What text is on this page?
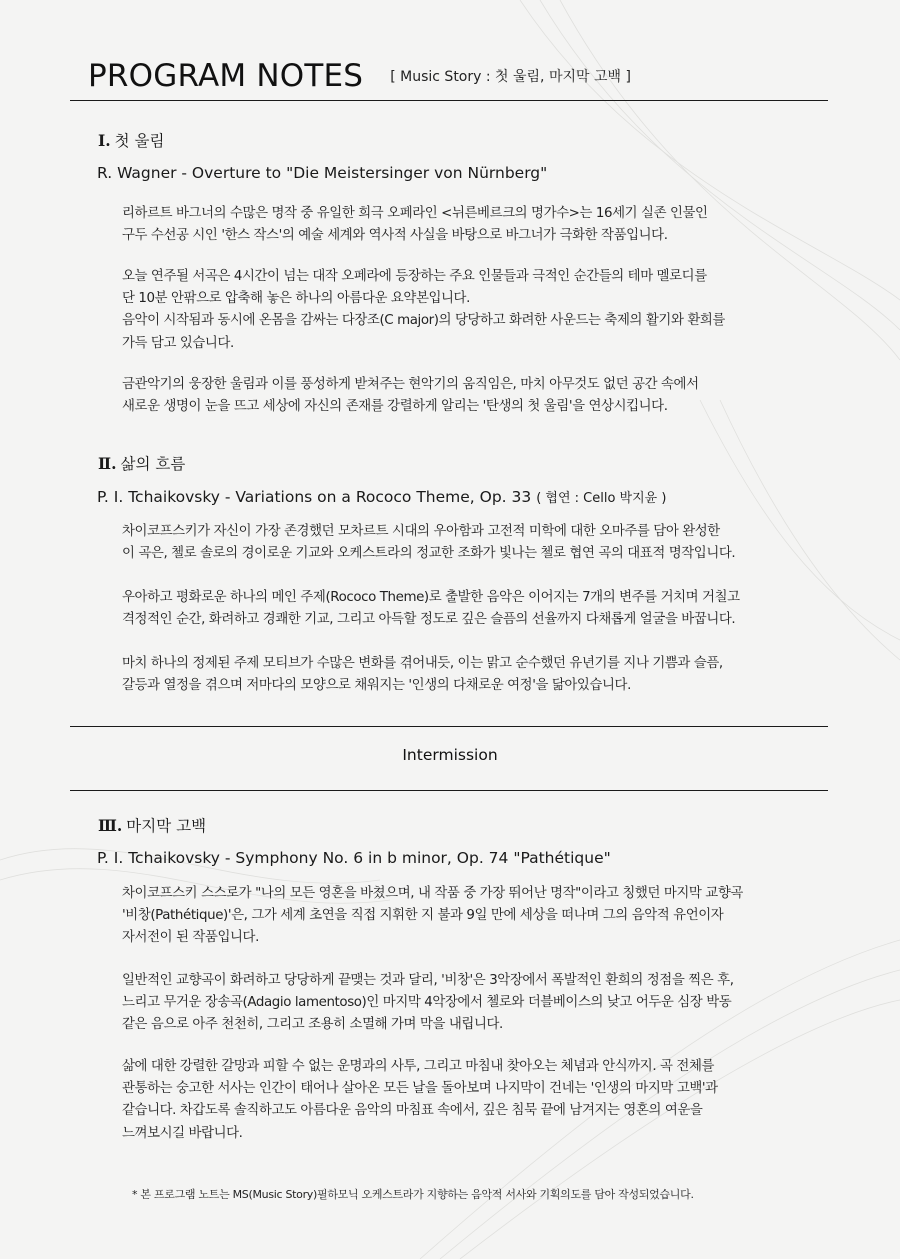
PROGRAM NOTES [ Music Story : 첫 울림, 마지막 고백 ]
Ⅰ. 첫 울림
R. Wagner - Overture to "Die Meistersinger von Nürnberg"
리하르트 바그너의 수많은 명작 중 유일한 희극 오페라인 <뉘른베르크의 명가수>는 16세기 실존 인물인
구두 수선공 시인 '한스 작스'의 예술 세계와 역사적 사실을 바탕으로 바그너가 극화한 작품입니다.
오늘 연주될 서곡은 4시간이 넘는 대작 오페라에 등장하는 주요 인물들과 극적인 순간들의 테마 멜로디를
단 10분 안팎으로 압축해 놓은 하나의 아름다운 요약본입니다.
음악이 시작됨과 동시에 온몸을 감싸는 다장조(C major)의 당당하고 화려한 사운드는 축제의 활기와 환희를
가득 담고 있습니다.
금관악기의 웅장한 울림과 이를 풍성하게 받쳐주는 현악기의 움직임은, 마치 아무것도 없던 공간 속에서
새로운 생명이 눈을 뜨고 세상에 자신의 존재를 강렬하게 알리는 '탄생의 첫 울림'을 연상시킵니다.
Ⅱ. 삶의 흐름
P. I. Tchaikovsky - Variations on a Rococo Theme, Op. 33 ( 협연 : Cello 박지윤 )
차이코프스키가 자신이 가장 존경했던 모차르트 시대의 우아함과 고전적 미학에 대한 오마주를 담아 완성한
이 곡은, 첼로 솔로의 경이로운 기교와 오케스트라의 정교한 조화가 빛나는 첼로 협연 곡의 대표적 명작입니다.
우아하고 평화로운 하나의 메인 주제(Rococo Theme)로 출발한 음악은 이어지는 7개의 변주를 거치며 거칠고
격정적인 순간, 화려하고 경쾌한 기교, 그리고 아득할 정도로 깊은 슬픔의 선율까지 다채롭게 얼굴을 바꿉니다.
마치 하나의 정제된 주제 모티브가 수많은 변화를 겪어내듯, 이는 맑고 순수했던 유년기를 지나 기쁨과 슬픔,
갈등과 열정을 겪으며 저마다의 모양으로 채워지는 '인생의 다채로운 여정'을 닮아있습니다.
Intermission
Ⅲ. 마지막 고백
P. I. Tchaikovsky - Symphony No. 6 in b minor, Op. 74 "Pathétique"
차이코프스키 스스로가 "나의 모든 영혼을 바쳤으며, 내 작품 중 가장 뛰어난 명작"이라고 칭했던 마지막 교향곡
'비창(Pathétique)'은, 그가 세계 초연을 직접 지휘한 지 불과 9일 만에 세상을 떠나며 그의 음악적 유언이자
자서전이 된 작품입니다.
일반적인 교향곡이 화려하고 당당하게 끝맺는 것과 달리, '비창'은 3악장에서 폭발적인 환희의 정점을 찍은 후,
느리고 무거운 장송곡(Adagio lamentoso)인 마지막 4악장에서 첼로와 더블베이스의 낮고 어두운 심장 박동
같은 음으로 아주 천천히, 그리고 조용히 소멸해 가며 막을 내립니다.
삶에 대한 강렬한 갈망과 피할 수 없는 운명과의 사투, 그리고 마침내 찾아오는 체념과 안식까지. 곡 전체를
관통하는 숭고한 서사는 인간이 태어나 살아온 모든 날을 돌아보며 나지막이 건네는 '인생의 마지막 고백'과
같습니다. 차갑도록 솔직하고도 아름다운 음악의 마침표 속에서, 깊은 침묵 끝에 남겨지는 영혼의 여운을
느껴보시길 바랍니다.
* 본 프로그램 노트는 MS(Music Story)필하모닉 오케스트라가 지향하는 음악적 서사와 기획의도를 담아 작성되었습니다.
